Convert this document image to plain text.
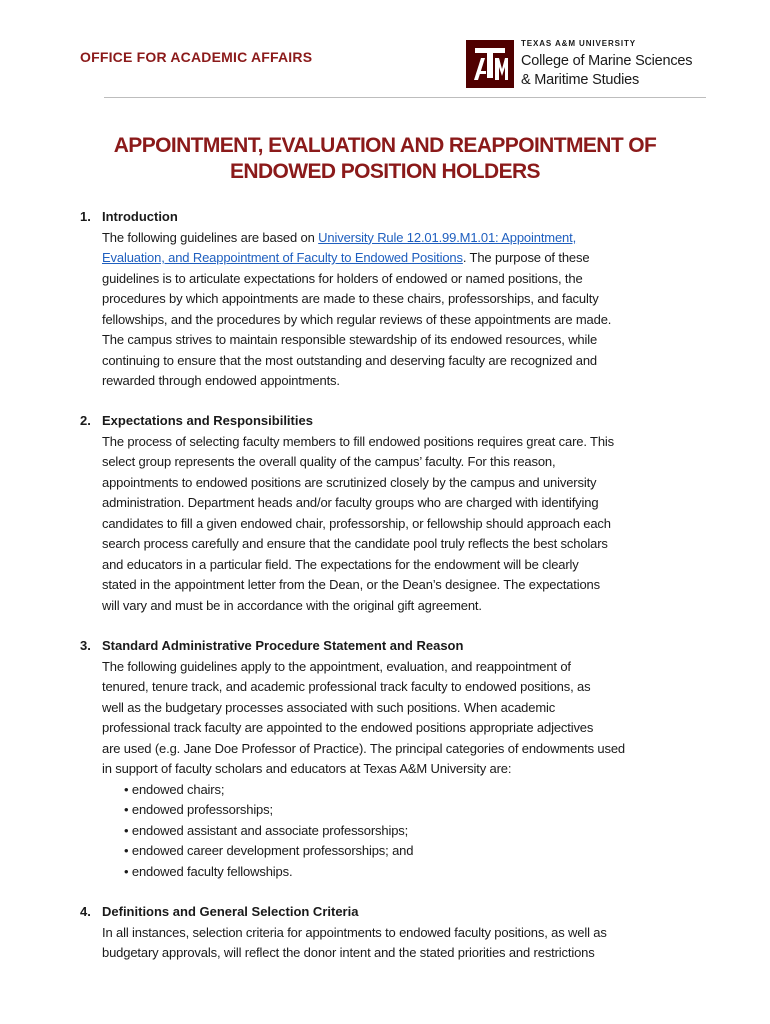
OFFICE FOR ACADEMIC AFFAIRS
TEXAS A&M UNIVERSITY
College of Marine Sciences
& Maritime Studies
APPOINTMENT, EVALUATION AND REAPPOINTMENT OF
ENDOWED POSITION HOLDERS
1. Introduction
The following guidelines are based on University Rule 12.01.99.M1.01: Appointment,
Evaluation, and Reappointment of Faculty to Endowed Positions. The purpose of these
guidelines is to articulate expectations for holders of endowed or named positions, the
procedures by which appointments are made to these chairs, professorships, and faculty
fellowships, and the procedures by which regular reviews of these appointments are made.
The campus strives to maintain responsible stewardship of its endowed resources, while
continuing to ensure that the most outstanding and deserving faculty are recognized and
rewarded through endowed appointments.
2. Expectations and Responsibilities
The process of selecting faculty members to fill endowed positions requires great care. This
select group represents the overall quality of the campus’ faculty. For this reason,
appointments to endowed positions are scrutinized closely by the campus and university
administration. Department heads and/or faculty groups who are charged with identifying
candidates to fill a given endowed chair, professorship, or fellowship should approach each
search process carefully and ensure that the candidate pool truly reflects the best scholars
and educators in a particular field. The expectations for the endowment will be clearly
stated in the appointment letter from the Dean, or the Dean’s designee. The expectations
will vary and must be in accordance with the original gift agreement.
3. Standard Administrative Procedure Statement and Reason
The following guidelines apply to the appointment, evaluation, and reappointment of
tenured, tenure track, and academic professional track faculty to endowed positions, as
well as the budgetary processes associated with such positions. When academic
professional track faculty are appointed to the endowed positions appropriate adjectives
are used (e.g. Jane Doe Professor of Practice). The principal categories of endowments used
in support of faculty scholars and educators at Texas A&M University are:
• endowed chairs;
• endowed professorships;
• endowed assistant and associate professorships;
• endowed career development professorships; and
• endowed faculty fellowships.
4. Definitions and General Selection Criteria
In all instances, selection criteria for appointments to endowed faculty positions, as well as
budgetary approvals, will reflect the donor intent and the stated priorities and restrictions
